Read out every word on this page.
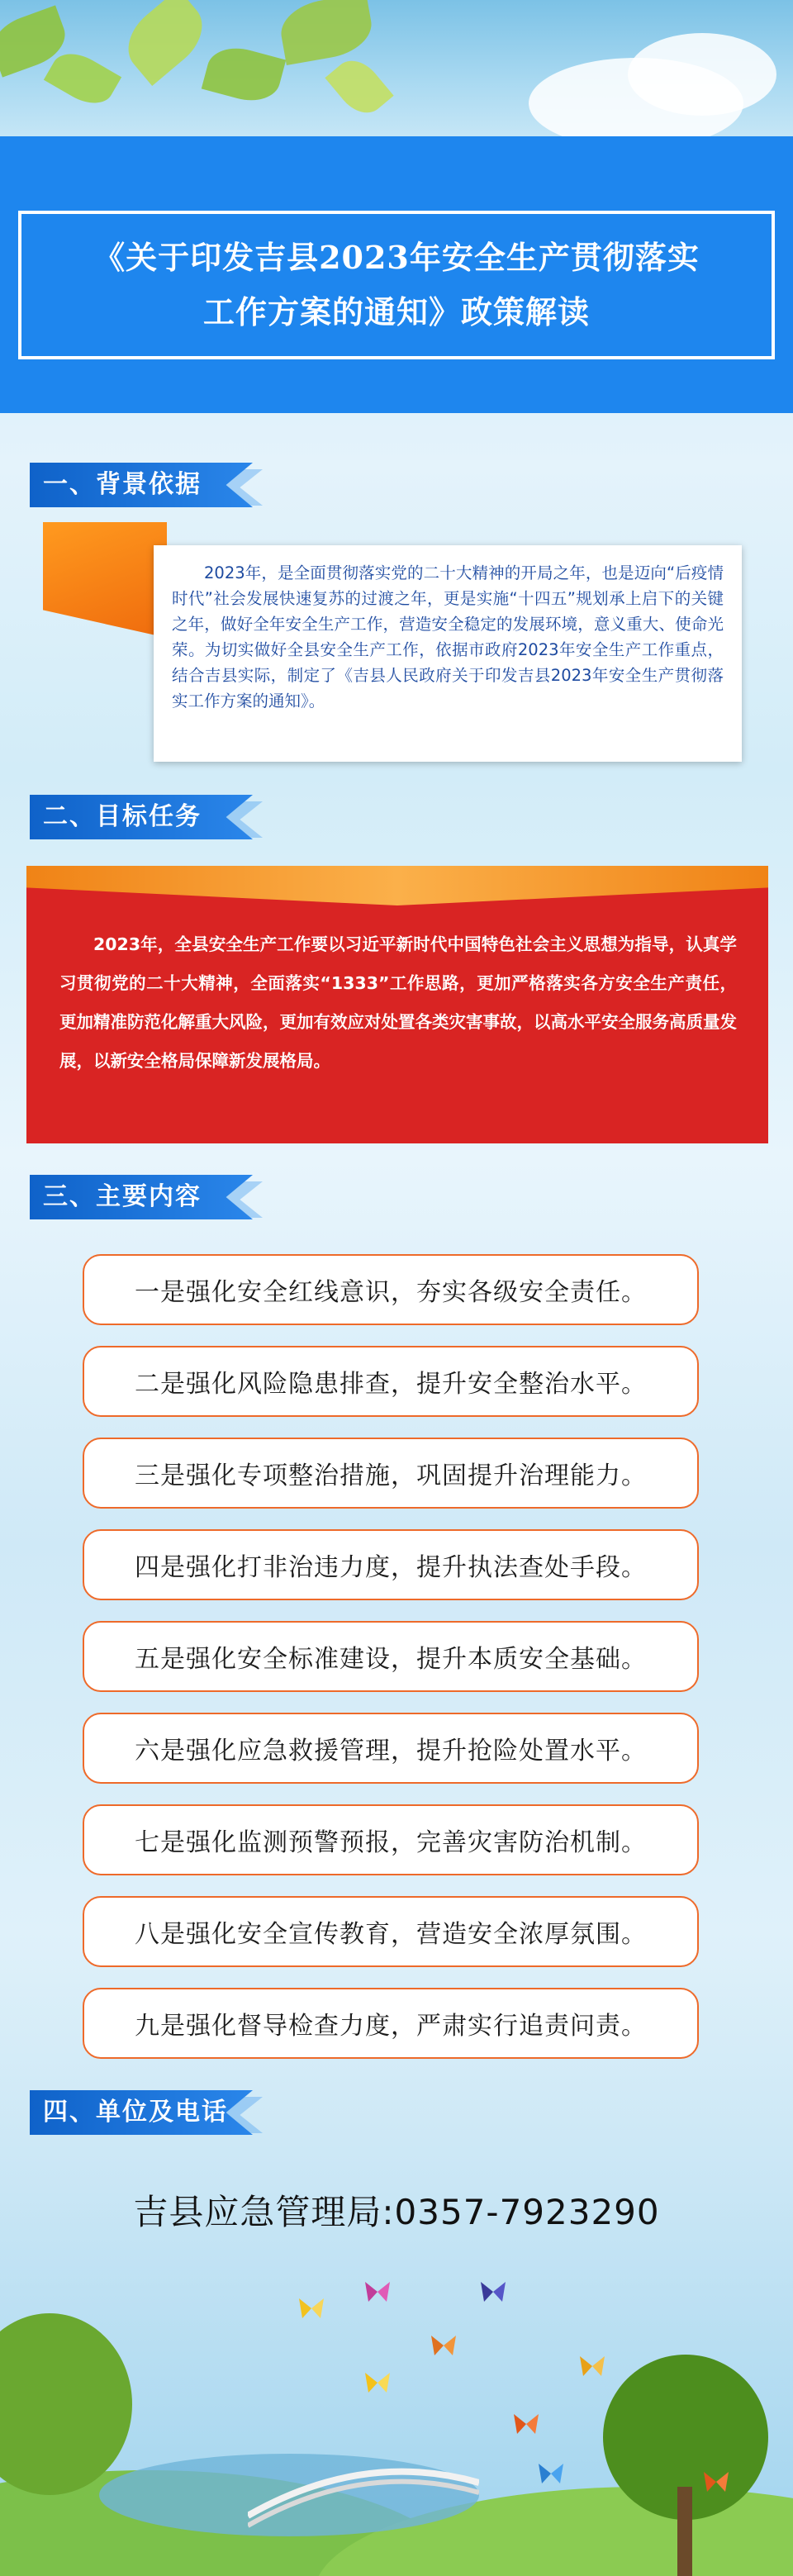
《关于印发吉县2023年安全生产贯彻落实
工作方案的通知》政策解读
一、背景依据

2023年，是全面贯彻落实党的二十大精神的开局之年，也是迈向“后疫情时代”社会发展快速复苏的过渡之年，更是实施“十四五”规划承上启下的关键之年，做好全年安全生产工作，营造安全稳定的发展环境，意义重大、使命光荣。为切实做好全县安全生产工作，依据市政府2023年安全生产工作重点，结合吉县实际，制定了《吉县人民政府关于印发吉县2023年安全生产贯彻落实工作方案的通知》。

二、目标任务

2023年，全县安全生产工作要以习近平新时代中国特色社会主义思想为指导，认真学习贯彻党的二十大精神，全面落实“1333”工作思路，更加严格落实各方安全生产责任，更加精准防范化解重大风险，更加有效应对处置各类灾害事故，以高水平安全服务高质量发展，以新安全格局保障新发展格局。

三、主要内容
一是强化安全红线意识，夯实各级安全责任。
二是强化风险隐患排查，提升安全整治水平。
三是强化专项整治措施，巩固提升治理能力。
四是强化打非治违力度，提升执法查处手段。
五是强化安全标准建设，提升本质安全基础。
六是强化应急救援管理，提升抢险处置水平。
七是强化监测预警预报，完善灾害防治机制。
八是强化安全宣传教育，营造安全浓厚氛围。
九是强化督导检查力度，严肃实行追责问责。
四、单位及电话
吉县应急管理局:0357-7923290
